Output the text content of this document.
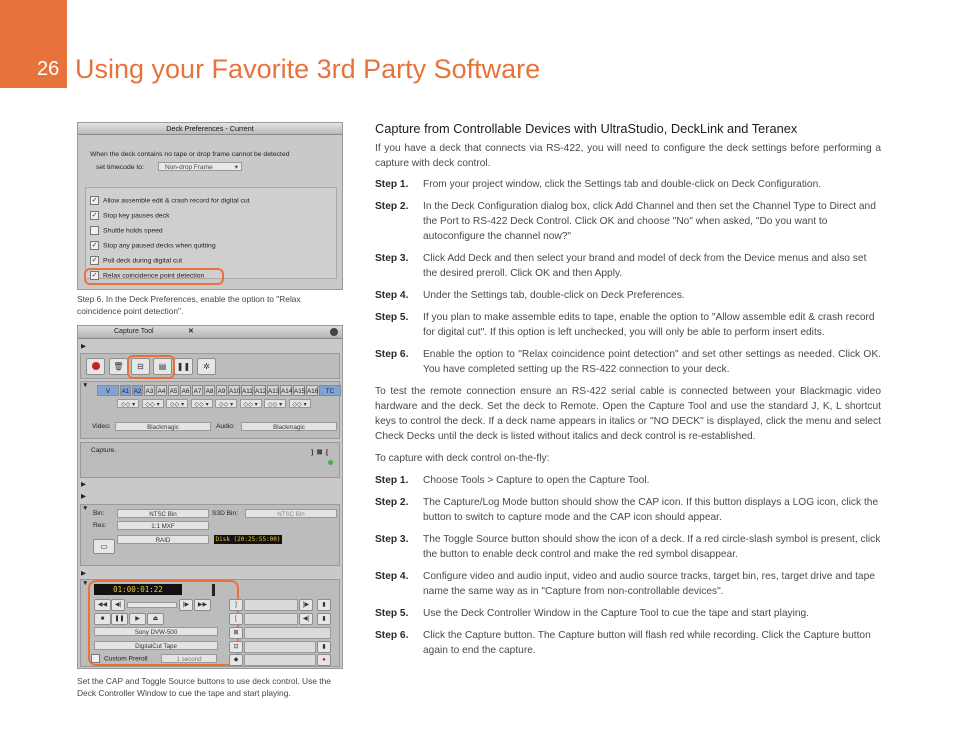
26 Using your Favorite 3rd Party Software
Deck Preferences - Current
When the deck contains no tape or drop frame cannot be detected
set timecode to:	Non-drop Frame	▾
✓ Allow assemble edit & crash record for digital cut
✓ Stop key pauses deck
Shuttle holds speed
✓ Stop any paused decks when quitting
✓ Poll deck during digital cut
✓ Relax coincidence point detection
Step 6. In the Deck Preferences, enable the option to "Relax coincidence point detection".
Capture Tool	✕
▶
🗑	⊟	▤	❚❚	✲
▼
V	A1 A2 A3 A4 A5 A6 A7 A8 A9 A10 A11 A12 A13 A14 A15 A16	TC
◇◇ ▾	◇◇ ▾	◇◇ ▾	◇◇ ▾	◇◇ ▾	◇◇ ▾	◇◇ ▾	◇◇ ▾
Video:	Blackmagic	Audio:	Blackmagic
Capture.	]  ⊠  [
▶
▶
▼
Bin:	NTSC Bin	S3D Bin:	NTSC Bin
Res:	1:1 MXF
RAID	Disk (20:25:55:00)
▭
▶
▼
01:00:01:22
◀◀	◀|	|▶	▶▶
■	❚❚	▶	⏏
Sony DVW-500
DigitalCut Tape
Custom Preroll	1 second
]	]▶	▮
[	◀[	▮
⊠
⊡	▮
◆	●
Set the CAP and Toggle Source buttons to use deck control. Use the Deck Controller Window to cue the tape and start playing.
Capture from Controllable Devices with UltraStudio, DeckLink and Teranex
If you have a deck that connects via RS-422, you will need to configure the deck settings before performing a capture with deck control.
Step 1. From your project window, click the Settings tab and double-click on Deck Configuration.
Step 2. In the Deck Configuration dialog box, click Add Channel and then set the Channel Type to Direct and the Port to RS-422 Deck Control. Click OK and choose "No" when asked, "Do you want to autoconfigure the channel now?"
Step 3. Click Add Deck and then select your brand and model of deck from the Device menus and also set the desired preroll. Click OK and then Apply.
Step 4. Under the Settings tab, double-click on Deck Preferences.
Step 5. If you plan to make assemble edits to tape, enable the option to "Allow assemble edit & crash record for digital cut". If this option is left unchecked, you will only be able to perform insert edits.
Step 6. Enable the option to "Relax coincidence point detection" and set other settings as needed. Click OK. You have completed setting up the RS-422 connection to your deck.
To test the remote connection ensure an RS-422 serial cable is connected between your Blackmagic video hardware and the deck. Set the deck to Remote. Open the Capture Tool and use the standard J, K, L shortcut keys to control the deck. If a deck name appears in italics or "NO DECK" is displayed, click the menu and select Check Decks until the deck is listed without italics and deck control is re-established.
To capture with deck control on-the-fly:
Step 1. Choose Tools > Capture to open the Capture Tool.
Step 2. The Capture/Log Mode button should show the CAP icon. If this button displays a LOG icon, click the button to switch to capture mode and the CAP icon should appear.
Step 3. The Toggle Source button should show the icon of a deck. If a red circle-slash symbol is present, click the button to enable deck control and make the red symbol disappear.
Step 4. Configure video and audio input, video and audio source tracks, target bin, res, target drive and tape name the same way as in "Capture from non-controllable devices".
Step 5. Use the Deck Controller Window in the Capture Tool to cue the tape and start playing.
Step 6. Click the Capture button. The Capture button will flash red while recording. Click the Capture button again to end the capture.
